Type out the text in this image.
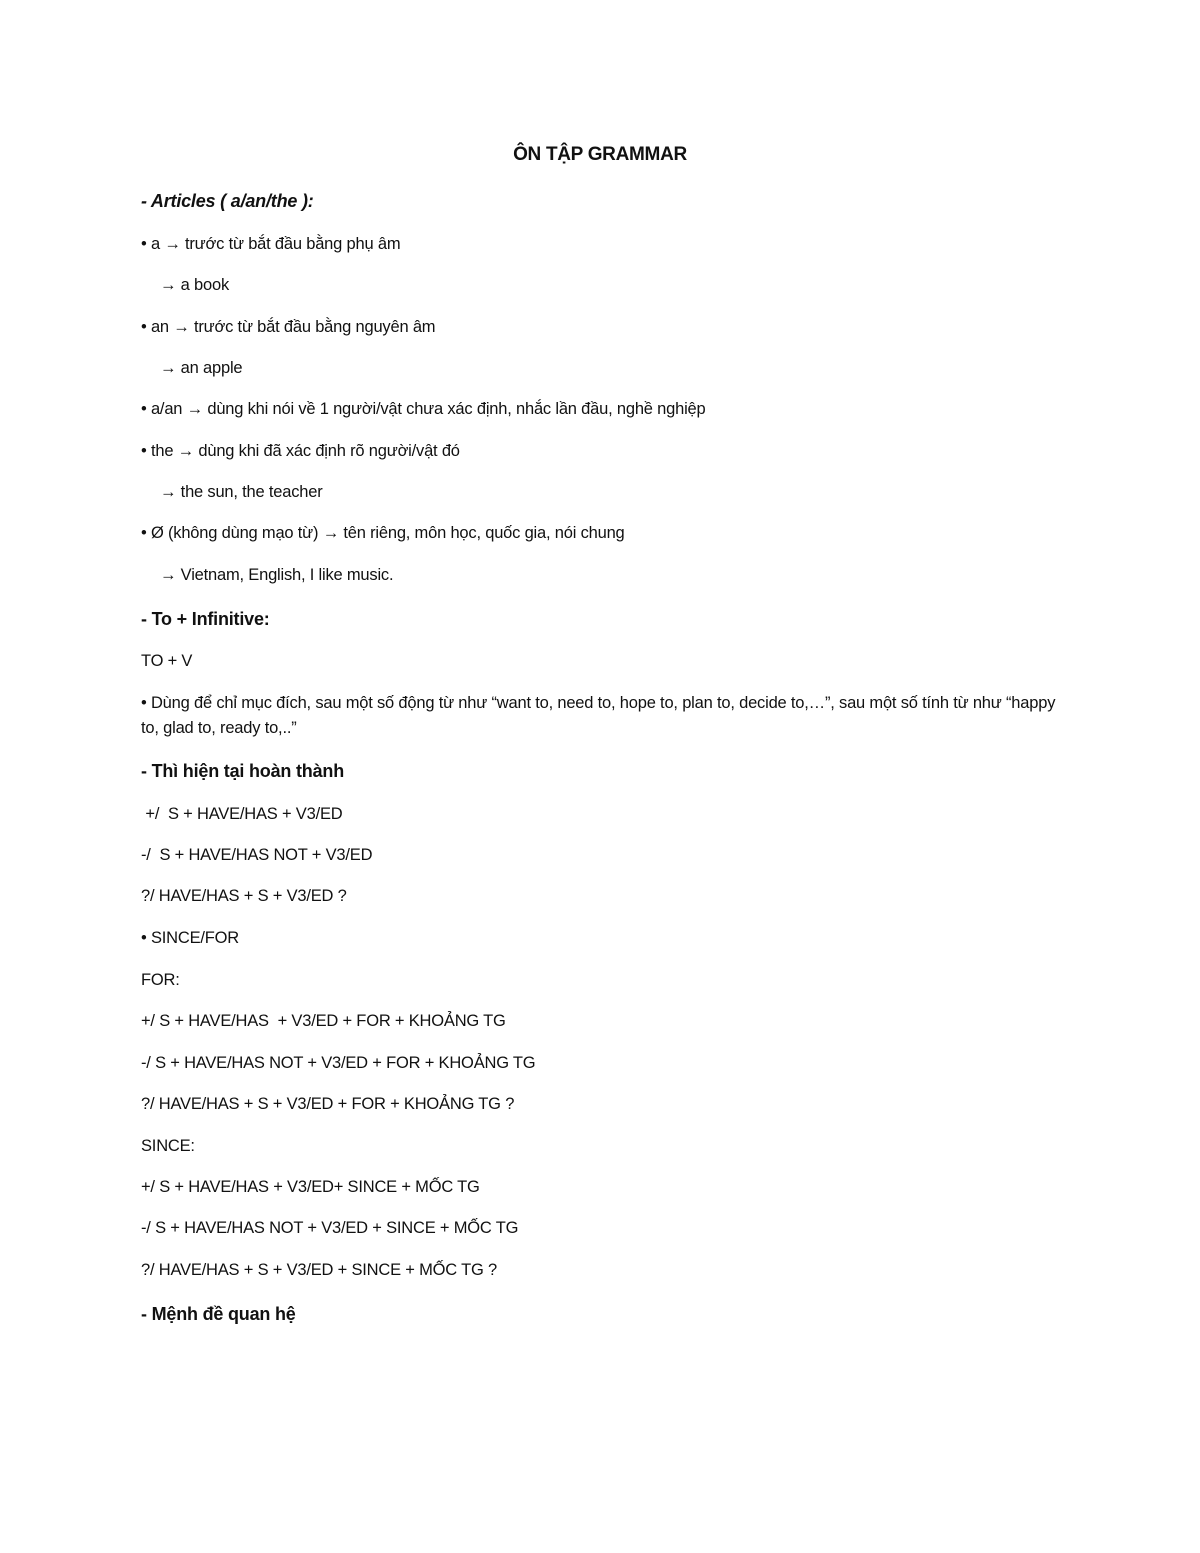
ÔN TẬP GRAMMAR
- Articles ( a/an/the ):
• a → trước từ bắt đầu bằng phụ âm
→ a book
• an → trước từ bắt đầu bằng nguyên âm
→ an apple
• a/an → dùng khi nói về 1 người/vật chưa xác định, nhắc lần đầu, nghề nghiệp
• the → dùng khi đã xác định rõ người/vật đó
→ the sun, the teacher
• Ø (không dùng mạo từ) → tên riêng, môn học, quốc gia, nói chung
→ Vietnam, English, I like music.
- To + Infinitive:
TO + V
• Dùng để chỉ mục đích, sau một số động từ như “want to, need to, hope to, plan to, decide to,…”, sau một số tính từ như “happy to, glad to, ready to,..”
- Thì hiện tại hoàn thành
+/  S + HAVE/HAS + V3/ED
-/  S + HAVE/HAS NOT + V3/ED
?/ HAVE/HAS + S + V3/ED ?
• SINCE/FOR
FOR:
+/ S + HAVE/HAS  + V3/ED + FOR + KHOẢNG TG
-/ S + HAVE/HAS NOT + V3/ED + FOR + KHOẢNG TG
?/ HAVE/HAS + S + V3/ED + FOR + KHOẢNG TG ?
SINCE:
+/ S + HAVE/HAS + V3/ED+ SINCE + MỐC TG
-/ S + HAVE/HAS NOT + V3/ED + SINCE + MỐC TG
?/ HAVE/HAS + S + V3/ED + SINCE + MỐC TG ?
- Mệnh đề quan hệ
